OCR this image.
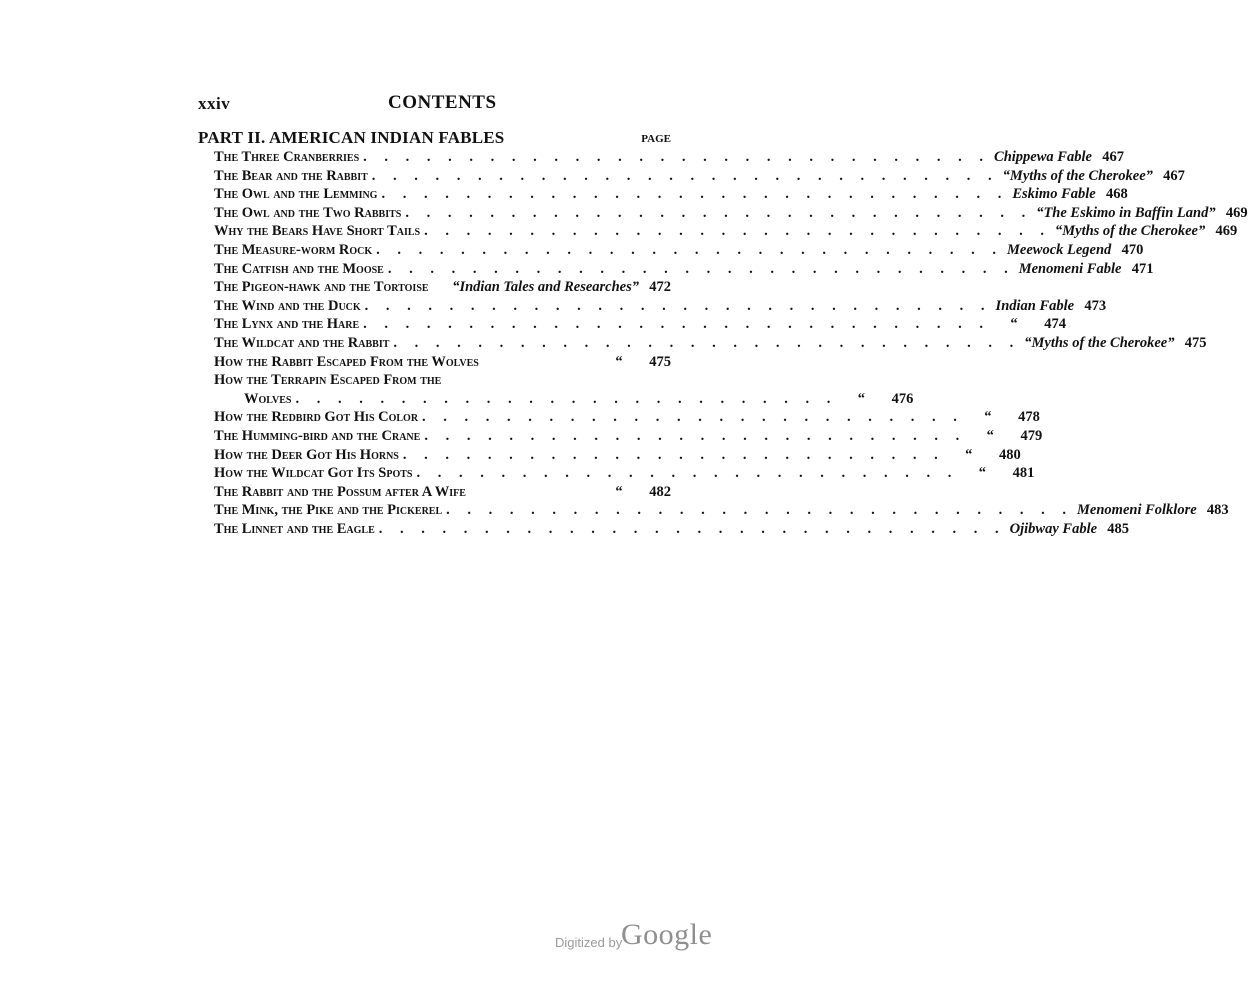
xxiv	CONTENTS
PART II. AMERICAN INDIAN FABLES	PAGE
The Three Cranberries . . . . . . . . . . . . . . . . . . . . . . . . . . . . . . Chippewa Fable 467
The Bear and the Rabbit . . . . . . . . . . . . . . . . . . . . . . . . . . . . . . “Myths of the Cherokee” 467
The Owl and the Lemming . . . . . . . . . . . . . . . . . . . . . . . . . . . . . . Eskimo Fable 468
The Owl and the Two Rabbits . . . . . . . . . . . . . . . . . . . . . . . . . . . . . . “The Eskimo in Baffin Land” 469
Why the Bears Have Short Tails . . . . . . . . . . . . . . . . . . . . . . . . . . . . . . “Myths of the Cherokee” 469
The Measure-worm Rock . . . . . . . . . . . . . . . . . . . . . . . . . . . . . . Meewock Legend 470
The Catfish and the Moose . . . . . . . . . . . . . . . . . . . . . . . . . . . . . . Menomeni Fable 471
The Pigeon-hawk and the Tortoise “Indian Tales and Researches” 472
The Wind and the Duck . . . . . . . . . . . . . . . . . . . . . . . . . . . . . . Indian Fable 473
The Lynx and the Hare . . . . . . . . . . . . . . . . . . . . . . . . . . . . . .	“	474
The Wildcat and the Rabbit . . . . . . . . . . . . . . . . . . . . . . . . . . . . . . “Myths of the Cherokee” 475
How the Rabbit Escaped From the Wolves	“	475
How the Terrapin Escaped From the
Wolves . . . . . . . . . . . . . . . . . . . . . . . . . .	“	476
How the Redbird Got His Color . . . . . . . . . . . . . . . . . . . . . . . . . .	“	478
The Humming-bird and the Crane . . . . . . . . . . . . . . . . . . . . . . . . . .	“	479
How the Deer Got His Horns . . . . . . . . . . . . . . . . . . . . . . . . . .	“	480
How the Wildcat Got Its Spots . . . . . . . . . . . . . . . . . . . . . . . . . .	“	481
The Rabbit and the Possum after A Wife	“	482
The Mink, the Pike and the Pickerel . . . . . . . . . . . . . . . . . . . . . . . . . . . . . . Menomeni Folklore 483
The Linnet and the Eagle . . . . . . . . . . . . . . . . . . . . . . . . . . . . . . Ojibway Fable 485
Digitized by
Google
